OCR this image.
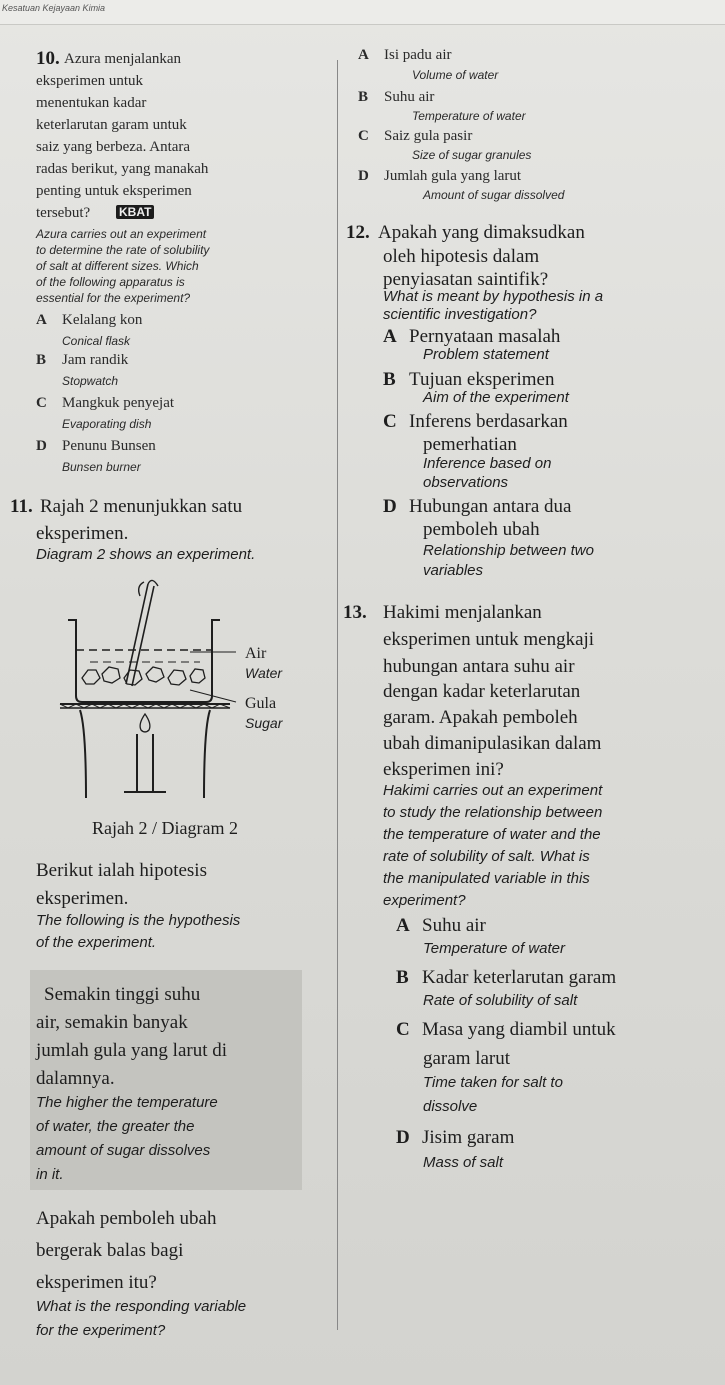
Kesatuan Kejayaan Kimia
10. Azura menjalankan
eksperimen untuk
menentukan kadar
keterlarutan garam untuk
saiz yang berbeza. Antara
radas berikut, yang manakah
penting untuk eksperimen
tersebut? KBAT
Azura carries out an experiment
to determine the rate of solubility
of salt at different sizes. Which
of the following apparatus is
essential for the experiment?
A Kelalang kon
Conical flask
B Jam randik
Stopwatch
C Mangkuk penyejat
Evaporating dish
D Penunu Bunsen
Bunsen burner
11. Rajah 2 menunjukkan satu
eksperimen.
Diagram 2 shows an experiment.
Air
Water
Gula
Sugar
Rajah 2 / Diagram 2
Berikut ialah hipotesis
eksperimen.
The following is the hypothesis
of the experiment.
Semakin tinggi suhu
air, semakin banyak
jumlah gula yang larut di
dalamnya.
The higher the temperature
of water, the greater the
amount of sugar dissolves
in it.
Apakah pemboleh ubah
bergerak balas bagi
eksperimen itu?
What is the responding variable
for the experiment?
A Isi padu air
Volume of water
B Suhu air
Temperature of water
C Saiz gula pasir
Size of sugar granules
D Jumlah gula yang larut
Amount of sugar dissolved
12. Apakah yang dimaksudkan
oleh hipotesis dalam
penyiasatan saintifik?
What is meant by hypothesis in a
scientific investigation?
A Pernyataan masalah
Problem statement
B Tujuan eksperimen
Aim of the experiment
C Inferens berdasarkan
pemerhatian
Inference based on
observations
D Hubungan antara dua
pemboleh ubah
Relationship between two
variables
13. Hakimi menjalankan
eksperimen untuk mengkaji
hubungan antara suhu air
dengan kadar keterlarutan
garam. Apakah pemboleh
ubah dimanipulasikan dalam
eksperimen ini?
Hakimi carries out an experiment
to study the relationship between
the temperature of water and the
rate of solubility of salt. What is
the manipulated variable in this
experiment?
A Suhu air
Temperature of water
B Kadar keterlarutan garam
Rate of solubility of salt
C Masa yang diambil untuk
garam larut
Time taken for salt to
dissolve
D Jisim garam
Mass of salt
